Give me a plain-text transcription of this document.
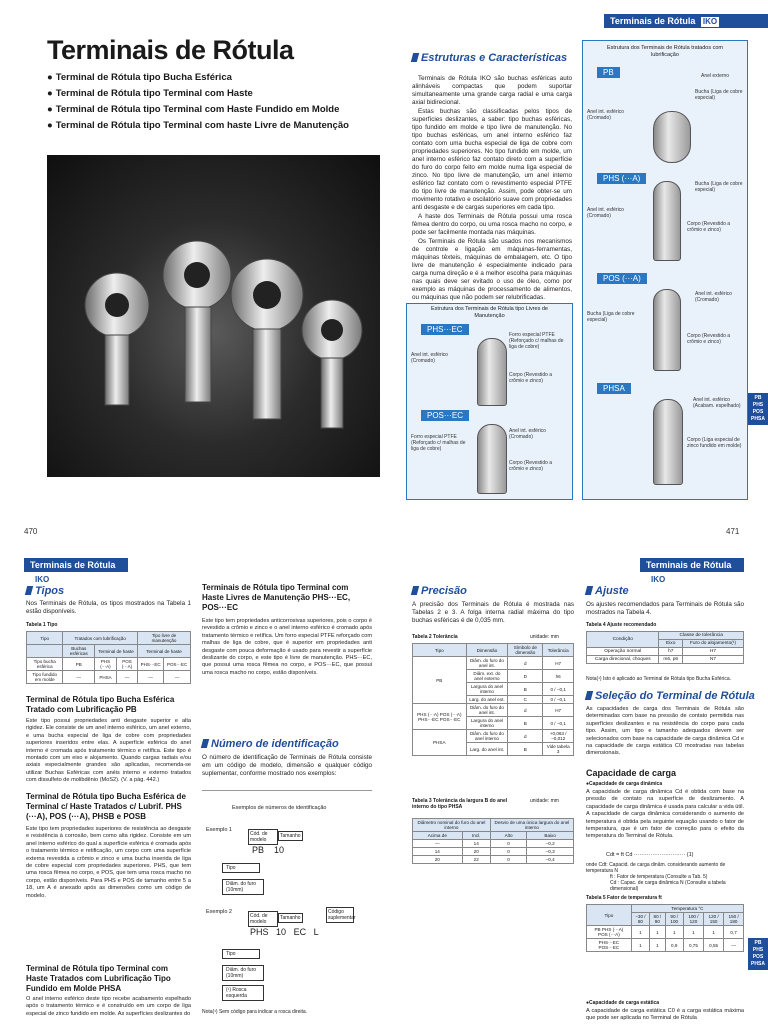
Terminais de Rótula IKO
Terminais de Rótula
● Terminal de Rótula tipo Bucha Esférica
● Terminal de Rótula tipo Terminal com Haste
● Terminal de Rótula tipo Terminal com Haste Fundido em Molde
● Terminal de Rótula tipo Terminal com haste Livre de Manutenção
Estruturas e Características

Terminais de Rótula IKO são buchas esféricas auto alinháveis compactas que podem suportar simultaneamente uma grande carga radial e uma carga axial bidirecional.

Estas buchas são classificadas pelos tipos de superfícies deslizantes, a saber: tipo buchas esféricas, tipo fundido em molde e tipo livre de manutenção. No tipo buchas esféricas, um anel interno esférico faz contato com uma bucha especial de liga de cobre com propriedades superiores. No tipo fundido em molde, um anel interno esférico faz contato direto com a superfície do furo do corpo feito em molde numa liga especial de zinco. No tipo livre de manutenção, um anel interno esférico faz contato com o revestimento especial PTFE do tipo livre de manutenção. Assim, pode obter-se um movimento rotativo e oscilatório suave com propriedades anti desgaste e de cargas superiores em cada tipo.

A haste dos Terminais de Rótula possui uma rosca fêmea dentro do corpo, ou uma rosca macho no corpo, e pode ser facilmente montada nas máquinas.

Os Terminais de Rótula são usados nos mecanismos de controle e ligação em máquinas-ferramentas, máquinas têxteis, máquinas de embalagem, etc. O tipo livre de manutenção é especialmente indicado para carga numa direção e é a melhor escolha para máquinas nas quais deve ser evitado o uso de óleo, como por exemplo as máquinas de processamento de alimentos, ou máquinas que não podem ser relubrificadas.

Estrutura dos Terminais de Rótula tipo Livres de Manutenção
PHS···EC
Forro especial PTFE (Reforçado c/ malhas de liga de cobre)
Anel int. esférico (Cromado)
Corpo (Revestido a crômio e zinco)
POS···EC
Forro especial PTFE (Reforçado c/ malhas de liga de cobre)
Anel int. esférico (Cromado)
Corpo (Revestido a crômio e zinco)
Estrutura dos Terminais de Rótula tratados com lubrificação
PB	Anel externo
Bucha (Liga de cobre especial)
Anel int. esférico (Cromado)
PHS (···A)
Bucha (Liga de cobre especial)
Anel int. esférico (Cromado)
Corpo (Revestido a crômio e zinco)
POS (···A)
Anel int. esférico (Cromado)
Bucha (Liga de cobre especial)
Corpo (Revestido a crômio e zinco)
PHSA
Anel int. esférico (Acabam. espelhado)
Corpo (Liga especial de zinco fundido em molde)
PB
PHS
POS
PHSA
470	471
Terminais de RótulaIKO
Terminais de RótulaIKO
Tipos
Nos Terminais de Rótula, os tipos mostrados na Tabela 1 estão disponíveis.
Tabela 1 Tipo
Tipo	Tratados com lubrificação			Tipo livre de manutenção	
	Buchas esféricas	Terminal de haste		Terminal de haste	
Tipo bucha esférica	PB	PHS (···A)	POS (···A)	PHS···EC	POS···EC
Tipo fundido em molde	—	PHSA	—	—	—
Terminal de Rótula tipo Bucha Esférica Tratado com Lubrificação PB
Este tipo possui propriedades anti desgaste superior e alta rigidez. Ele consiste de um anel interno esférico, um anel externo, e uma bucha especial de liga de cobre com propriedades superiores inseridos entre elas. A superfície esférica do anel interno é cromada após tratamento térmico e retífica. Este tipo é montado com um eixo e alojamento. Quando cargas radiais e/ou axiais especialmente grandes são aplicadas, recomenda-se utilizar Buchas Esféricas com anéis interno e externo tratados com dissulfeto de molibdênio (MoS2). (V. a pág. 442.)
Terminal de Rótula tipo Bucha Esférica de Terminal c/ Haste Tratados c/ Lubrif. PHS (···A), POS (···A), PHSB e POSB
Este tipo tem propriedades superiores de resistência ao desgaste e resistência à corrosão, bem como alta rigidez. Consiste em um anel interno esférico do qual a superfície esférica é cromada após o tratamento térmico e retificação, um corpo com uma superfície externa revestida a crômio e zinco e uma bucha inserida de liga de cobre especial com propriedades superiores. PHS, que tem uma rosca fêmea no corpo, e POS, que tem uma rosca macho no corpo, estão disponíveis. Para PHS e POS de tamanho entre 5 a 18, um A é anexado após as dimensões como um código de modelo.
Terminal de Rótula tipo Terminal com Haste Tratados com Lubrificação Tipo Fundido em Molde PHSA
O anel interno esférico deste tipo recebe acabamento espelhado após o tratamento térmico e é construído em um corpo de liga especial de zinco fundido em molde. As superfícies deslizantes do
Terminais de Rótula tipo Terminal com Haste Livres de Manutenção PHS···EC, POS···EC
Este tipo tem propriedades anticorrosivas superiores, pois o corpo é revestido a crômio e zinco e o anel interno esférico é cromado após tratamento térmico e retífica. Um forro especial PTFE reforçado com malhas de liga de cobre, que é superior em propriedades anti desgaste com pouca deformação é usado para revestir a superfície deslizante do corpo, e este tipo é livre de manutenção. PHS···EC, que possui uma rosca fêmea no corpo, e POS···EC, que possui uma rosca macho no corpo, estão disponíveis.
Número de identificação
O número de identificação de Terminais de Rótula consiste em um código de modelo, dimensão e qualquer código suplementar, conforme mostrado nos exemplos:
Exemplos de números de identificação
Exemplo 1
Cód. de modelo
Tamanho
PB 10
Tipo
Diâm. do furo (10mm)
Exemplo 2
Cód. de modelo
Tamanho
Código suplementar
PHS 10 EC L
Tipo
Diâm. do furo (10mm)
(¹) Rosca esquerda
Nota(¹) Sem código para indicar a rosca direita.
Precisão
A precisão dos Terminais de Rótula é mostrada nas Tabelas 2 e 3. A folga interna radial máxima do tipo buchas esféricas é de 0,035 mm.
Tabela 2 Tolerância	unidade: mm
Tipo	Dimensão	Símbolo de dimensão	Tolerância
PB	Diâm. do furo do anel int.	d	H7
	Diâm. ext. do anel externo	D	h6
	Largura do anel interno	B	0 / −0,1
	Larg. do anel ext.	C	0 / −0,1
PHS (···A) POS (···A) PHS···EC POS···EC	Diâm. do furo do anel int.	d	H7
	Largura do anel interno	B	0 / −0,1
PHSA	Diâm. do furo do anel interno	d	+0,063 / −0,012
	Larg. do anel int.	B	Vide tabela 3
Tabela 3 Tolerância da largura B do anel interno do tipo PHSA
unidade: mm
Diâmetro nominal do furo do anel interno		Desvio de uma única largura do anel interno	
Acima de	Incl.	Alto	Baixo
—	14	0	−0,2
14	20	0	−0,3
20	22	0	−0,4
Ajuste
Os ajustes recomendados para Terminais de Rótula são mostrados na Tabela 4.
Tabela 4 Ajuste recomendado
Condição	Classe de tolerância	
	Eixo	Furo do alojamento(¹)
Operação normal	h7	H7
Carga direcional, choques	m6, p6	N7
Nota(¹) Isto é aplicado ao Terminal de Rótula tipo Bucha Esférica.
Seleção do Terminal de Rótula
As capacidades de carga dos Terminais de Rótula são determinadas com base na pressão de contato permitida nas superfícies deslizantes e na resistência do corpo para cada tipo. Assim, um tipo e tamanho adequados devem ser selecionados com base na capacidade de carga dinâmica Cd e na capacidade de carga estática C0 mostradas nas tabelas dimensionais.
Capacidade de carga
●Capacidade de carga dinâmica
A capacidade de carga dinâmica Cd é obtida com base na pressão de contato na superfície de deslizamento. A capacidade de carga dinâmica é usada para calcular a vida útil. A capacidade de carga dinâmica considerando o aumento de temperatura é obtida pela seguinte equação usando o fator de temperatura, que é um fator de correção para o efeito da temperatura do Terminal de Rótula.
Cdt = ft Cd ···························· (1)
onde Cdt: Capacid. de carga dinâm. considerando aumento de temperatura N
ft : Fator de temperatura (Consulte a Tab. 5)
Cd : Capac. de carga dinâmica N (Consulte a tabela dimensional)
Tabela 5 Fator de temperatura ft
Tipo	Temperatura °C					
	−30 / 80	80 / 90	90 / 100	100 / 120	120 / 150	150 / 180
PB PHS (···A) POS (···A)	1	1	1	1	1	0,7
PHS···EC POS···EC	1	1	0,9	0,75	0,55	—
●Capacidade de carga estática
A capacidade de carga estática C0 é a carga estática máxima que pode ser aplicada no Terminal de Rótula
PB
PHS
POS
PHSA
